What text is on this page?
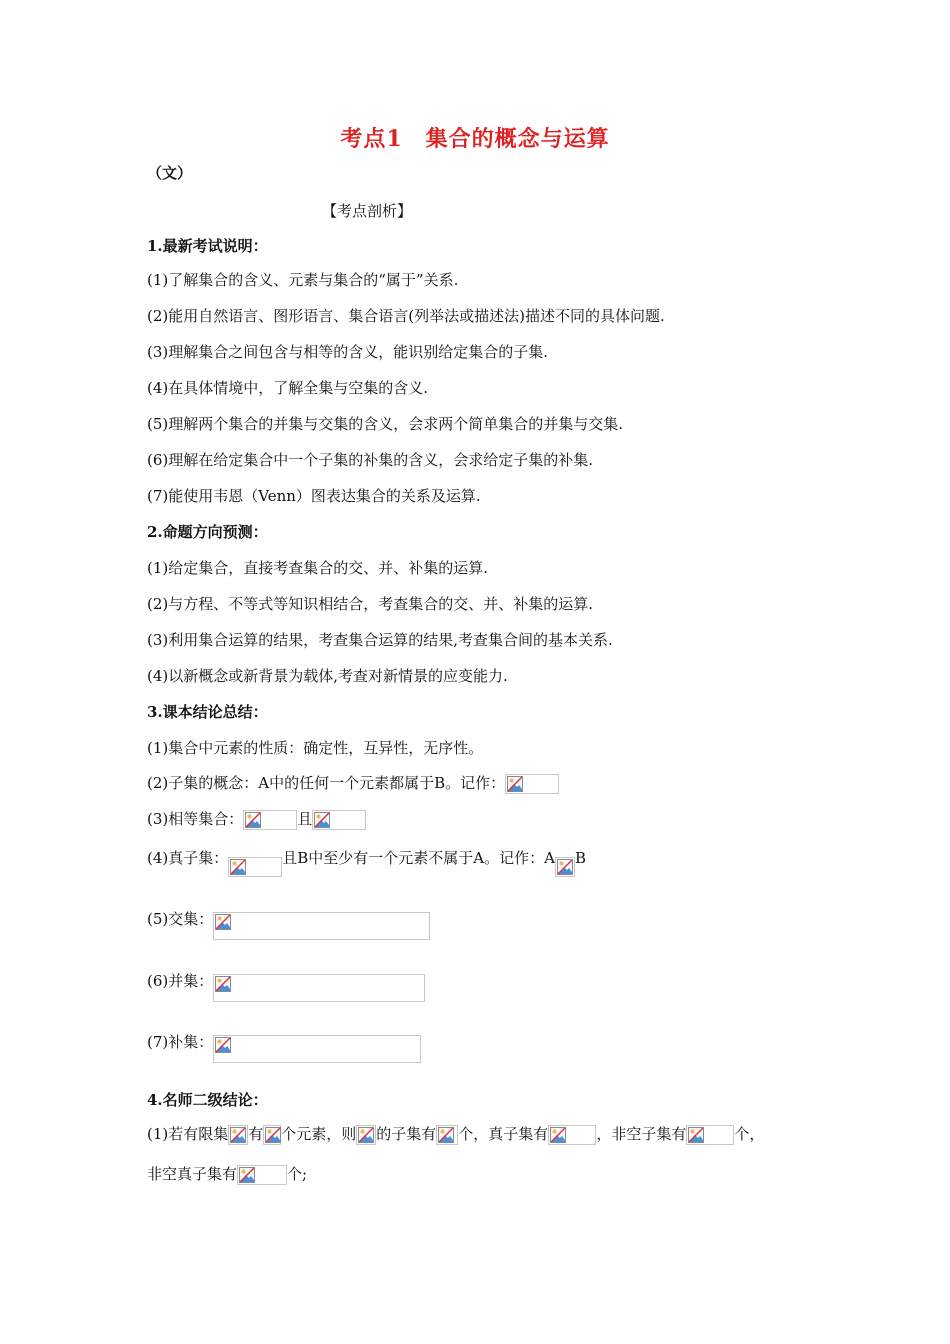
考点1　集合的概念与运算
（文）
【考点剖析】
1.最新考试说明：
(1)了解集合的含义、元素与集合的“属于”关系.
(2)能用自然语言、图形语言、集合语言(列举法或描述法)描述不同的具体问题.
(3)理解集合之间包含与相等的含义，能识别给定集合的子集.
(4)在具体情境中，了解全集与空集的含义.
(5)理解两个集合的并集与交集的含义，会求两个简单集合的并集与交集.
(6)理解在给定集合中一个子集的补集的含义，会求给定子集的补集.
(7)能使用韦恩（Venn）图表达集合的关系及运算.
2.命题方向预测：
(1)给定集合，直接考查集合的交、并、补集的运算.
(2)与方程、不等式等知识相结合，考查集合的交、并、补集的运算.
(3)利用集合运算的结果，考查集合运算的结果,考查集合间的基本关系.
(4)以新概念或新背景为载体,考查对新情景的应变能力.
3.课本结论总结：
(1)集合中元素的性质：确定性，互异性，无序性。
(2)子集的概念：A中的任何一个元素都属于B。记作：
(3)相等集合：	且
(4)真子集：	且B中至少有一个元素不属于A。记作：A B
(5)交集：
(6)并集：
(7)补集：
4.名师二级结论：
(1)若有限集 有 个元素，则 的子集有 个，真子集有	，非空子集有	个，
非空真子集有	个;
